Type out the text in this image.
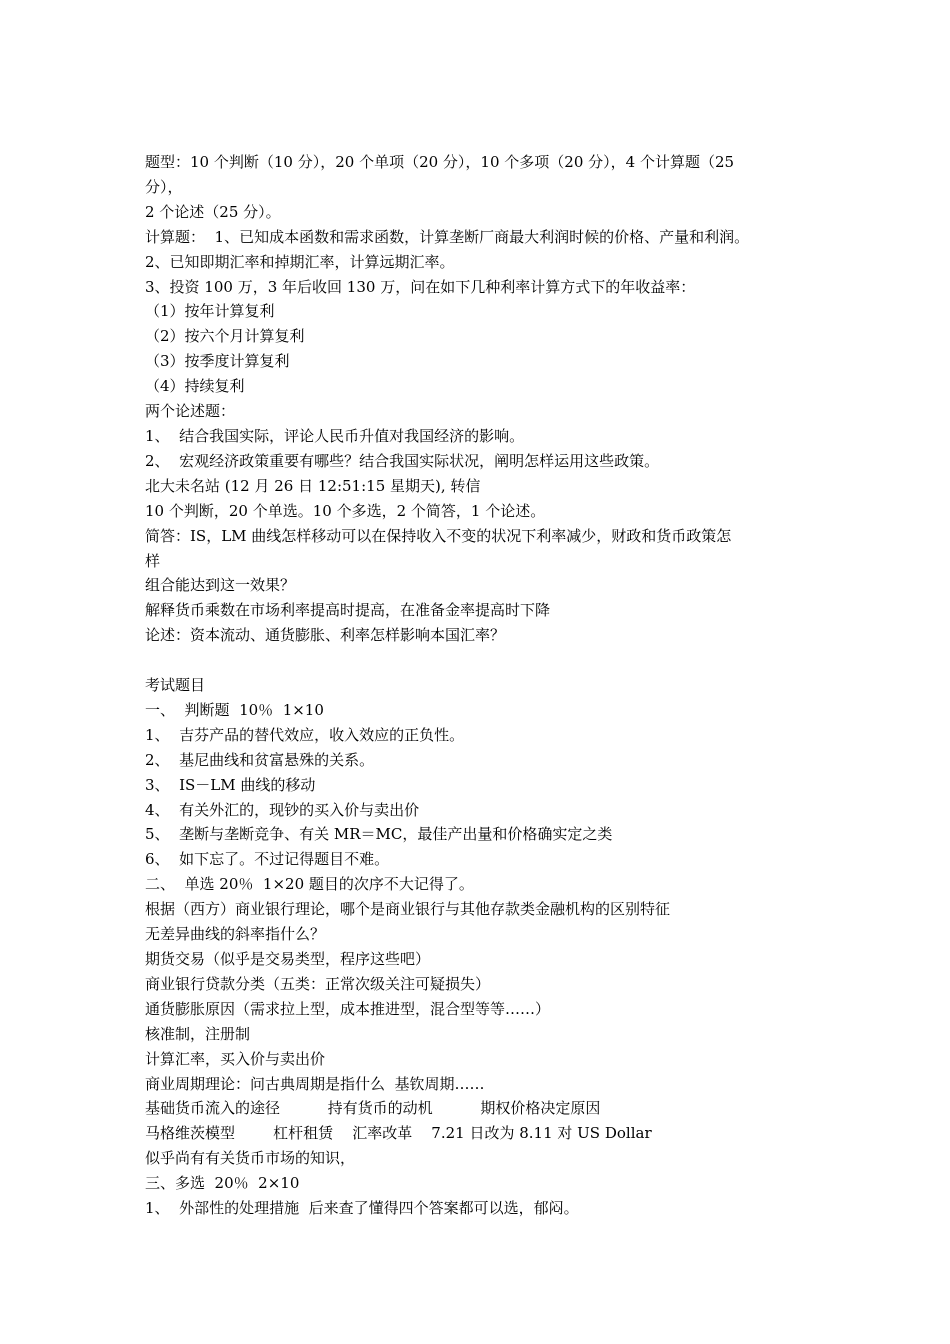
题型：10 个判断（10 分），20 个单项（20 分），10 个多项（20 分），4 个计算题（25
分），
2 个论述（25 分）。
计算题：  1、已知成本函数和需求函数，计算垄断厂商最大利润时候的价格、产量和利润。
2、已知即期汇率和掉期汇率，计算远期汇率。
3、投资 100 万，3 年后收回 130 万，问在如下几种利率计算方式下的年收益率：
（1）按年计算复利
（2）按六个月计算复利
（3）按季度计算复利
（4）持续复利
两个论述题：
1、  结合我国实际，评论人民币升值对我国经济的影响。
2、  宏观经济政策重要有哪些？结合我国实际状况，阐明怎样运用这些政策。
北大未名站 (12 月 26 日 12:51:15 星期天), 转信
10 个判断，20 个单选。10 个多选，2 个简答，1 个论述。
简答：IS，LM 曲线怎样移动可以在保持收入不变的状况下利率减少，财政和货币政策怎
样
组合能达到这一效果？
解释货币乘数在市场利率提高时提高，在准备金率提高时下降
论述：资本流动、通货膨胀、利率怎样影响本国汇率？
考试题目
一、  判断题  10％  1×10
1、  吉芬产品的替代效应，收入效应的正负性。
2、  基尼曲线和贫富悬殊的关系。
3、  IS－LM 曲线的移动
4、  有关外汇的，现钞的买入价与卖出价
5、  垄断与垄断竞争、有关 MR＝MC，最佳产出量和价格确实定之类
6、  如下忘了。不过记得题目不难。
二、  单选 20％  1×20 题目的次序不大记得了。
根据（西方）商业银行理论，哪个是商业银行与其他存款类金融机构的区别特征
无差异曲线的斜率指什么？
期货交易（似乎是交易类型，程序这些吧）
商业银行贷款分类（五类：正常次级关注可疑损失）
通货膨胀原因（需求拉上型，成本推进型，混合型等等……）
核准制，注册制
计算汇率，买入价与卖出价
商业周期理论：问古典周期是指什么  基钦周期……
基础货币流入的途径          持有货币的动机          期权价格决定原因
马格维茨模型        杠杆租赁    汇率改革    7.21 日改为 8.11 对 US Dollar
似乎尚有有关货币市场的知识，
三、多选  20％  2×10
1、  外部性的处理措施  后来查了懂得四个答案都可以选，郁闷。
